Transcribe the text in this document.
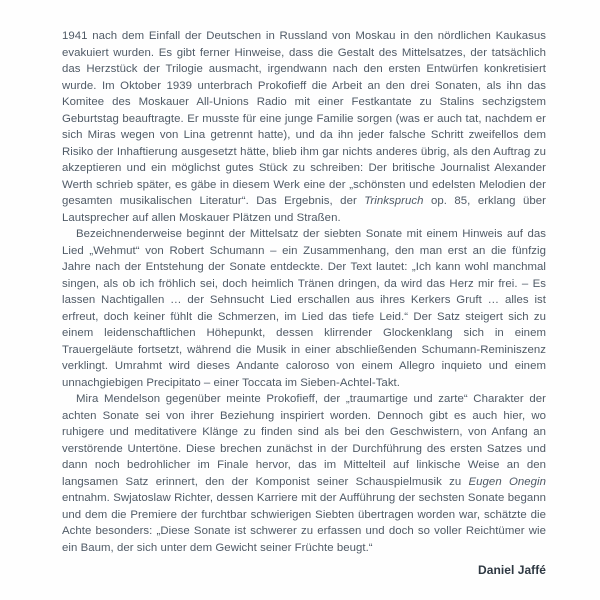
1941 nach dem Einfall der Deutschen in Russland von Moskau in den nördlichen Kaukasus evakuiert wurden. Es gibt ferner Hinweise, dass die Gestalt des Mittelsatzes, der tatsächlich das Herzstück der Trilogie ausmacht, irgendwann nach den ersten Entwürfen konkretisiert wurde. Im Oktober 1939 unterbrach Prokofieff die Arbeit an den drei Sonaten, als ihn das Komitee des Moskauer All-Unions Radio mit einer Festkantate zu Stalins sechzigstem Geburtstag beauftragte. Er musste für eine junge Familie sorgen (was er auch tat, nachdem er sich Miras wegen von Lina getrennt hatte), und da ihn jeder falsche Schritt zweifellos dem Risiko der Inhaftierung ausgesetzt hätte, blieb ihm gar nichts anderes übrig, als den Auftrag zu akzeptieren und ein möglichst gutes Stück zu schreiben: Der britische Journalist Alexander Werth schrieb später, es gäbe in diesem Werk eine der „schönsten und edelsten Melodien der gesamten musikalischen Literatur“. Das Ergebnis, der Trinkspruch op. 85, erklang über Lautsprecher auf allen Moskauer Plätzen und Straßen.

Bezeichnenderweise beginnt der Mittelsatz der siebten Sonate mit einem Hinweis auf das Lied „Wehmut“ von Robert Schumann – ein Zusammenhang, den man erst an die fünfzig Jahre nach der Entstehung der Sonate entdeckte. Der Text lautet: „Ich kann wohl manchmal singen, als ob ich fröhlich sei, doch heimlich Tränen dringen, da wird das Herz mir frei. – Es lassen Nachtigallen … der Sehnsucht Lied erschallen aus ihres Kerkers Gruft … alles ist erfreut, doch keiner fühlt die Schmerzen, im Lied das tiefe Leid.“ Der Satz steigert sich zu einem leidenschaftlichen Höhepunkt, dessen klirrender Glockenklang sich in einem Trauergeläute fortsetzt, während die Musik in einer abschließenden Schumann-Reminiszenz verklingt. Umrahmt wird dieses Andante caloroso von einem Allegro inquieto und einem unnachgiebigen Precipitato – einer Toccata im Sieben-Achtel-Takt.

Mira Mendelson gegenüber meinte Prokofieff, der „traumartige und zarte“ Charakter der achten Sonate sei von ihrer Beziehung inspiriert worden. Dennoch gibt es auch hier, wo ruhigere und meditativere Klänge zu finden sind als bei den Geschwistern, von Anfang an verstörende Untertöne. Diese brechen zunächst in der Durchführung des ersten Satzes und dann noch bedrohlicher im Finale hervor, das im Mittelteil auf linkische Weise an den langsamen Satz erinnert, den der Komponist seiner Schauspielmusik zu Eugen Onegin entnahm. Swjatoslaw Richter, dessen Karriere mit der Aufführung der sechsten Sonate begann und dem die Premiere der furchtbar schwierigen Siebten übertragen worden war, schätzte die Achte besonders: „Diese Sonate ist schwerer zu erfassen und doch so voller Reichtümer wie ein Baum, der sich unter dem Gewicht seiner Früchte beugt.“

Daniel Jaffé
